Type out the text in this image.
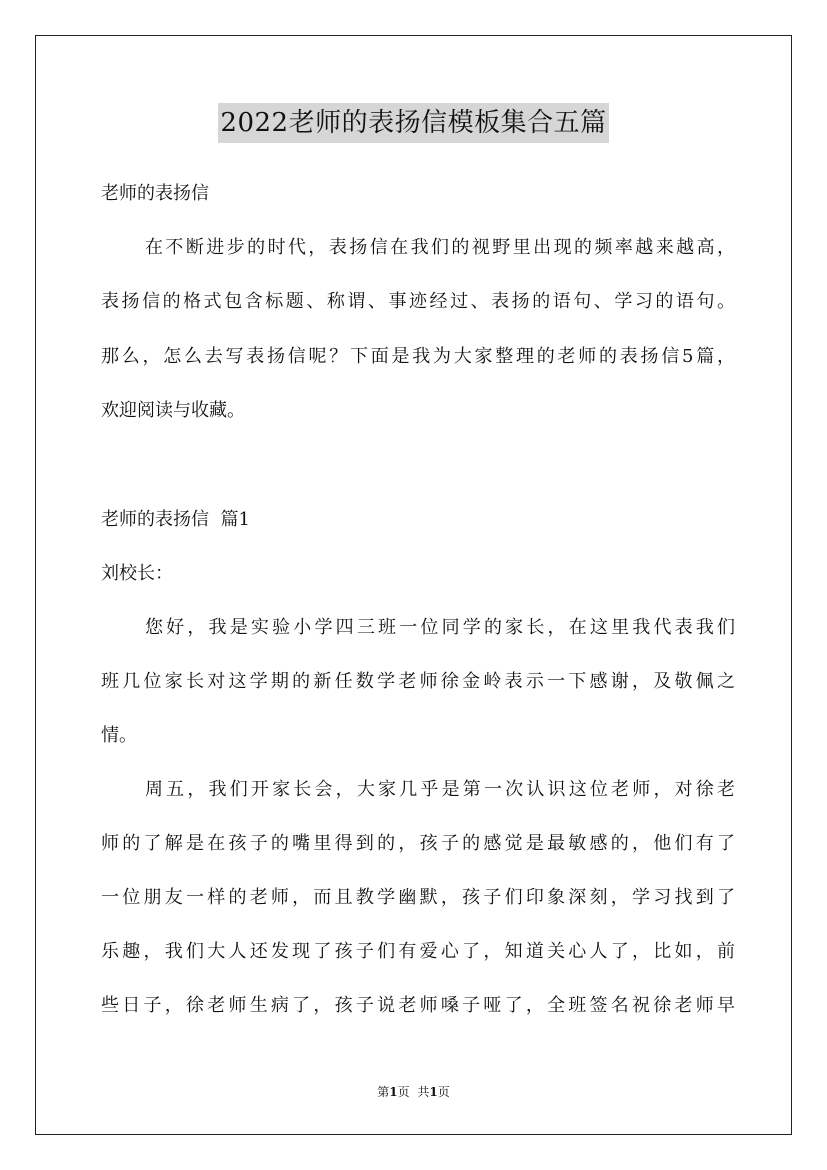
2022老师的表扬信模板集合五篇
老师的表扬信
在不断进步的时代，表扬信在我们的视野里出现的频率越来越高，
表扬信的格式包含标题、称谓、事迹经过、表扬的语句、学习的语句。
那么，怎么去写表扬信呢？下面是我为大家整理的老师的表扬信5篇，
欢迎阅读与收藏。
老师的表扬信  篇1
刘校长：
您好，我是实验小学四三班一位同学的家长，在这里我代表我们
班几位家长对这学期的新任数学老师徐金岭表示一下感谢，及敬佩之
情。
周五，我们开家长会，大家几乎是第一次认识这位老师，对徐老
师的了解是在孩子的嘴里得到的，孩子的感觉是最敏感的，他们有了
一位朋友一样的老师，而且教学幽默，孩子们印象深刻，学习找到了
乐趣，我们大人还发现了孩子们有爱心了，知道关心人了，比如，前
些日子，徐老师生病了，孩子说老师嗓子哑了，全班签名祝徐老师早
第1页 共1页
